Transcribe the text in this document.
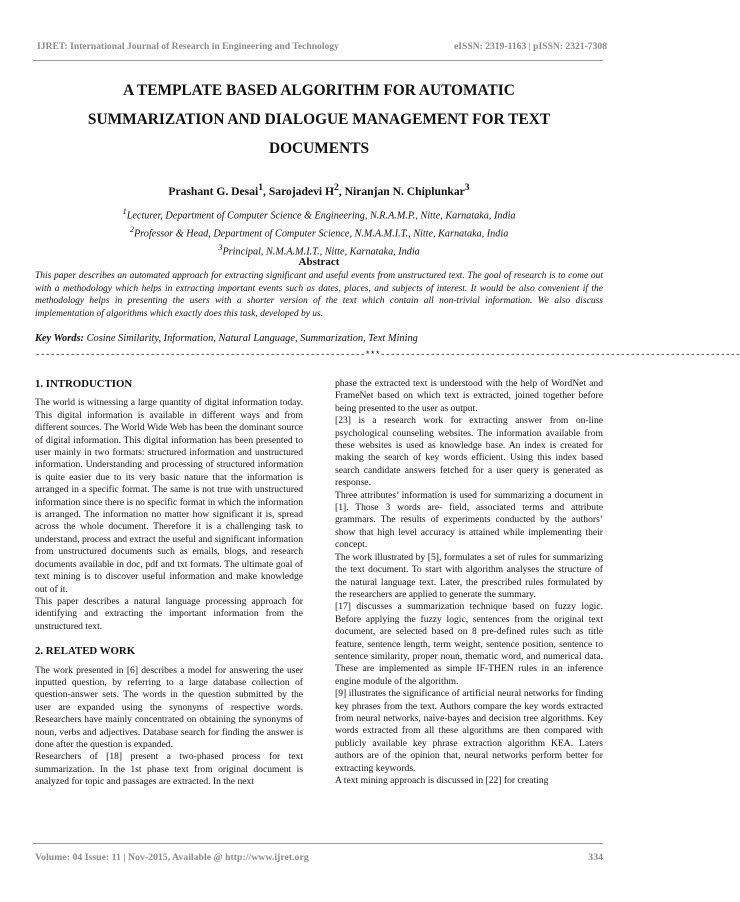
IJRET: International Journal of Research in Engineering and Technology	eISSN: 2319-1163 | pISSN: 2321-7308
A TEMPLATE BASED ALGORITHM FOR AUTOMATIC
SUMMARIZATION AND DIALOGUE MANAGEMENT FOR TEXT
DOCUMENTS
Prashant G. Desai$^1$, Sarojadevi $H^2$, Niranjan N. Chiplunkar$^3$
$^1$Lecturer, Department of Computer Science & Engineering, N.R.A.M.P., Nitte, Karnataka, India
$^2$Professor & Head, Department of Computer Science, N.M.A.M.I.T., Nitte, Karnataka, India
$^3$Principal, N.M.A.M.I.T., Nitte, Karnataka, India
Abstract
This paper describes an automated approach for extracting significant and useful events from unstructured text. The goal of research is to come out with a methodology which helps in extracting important events such as dates, places, and subjects of interest. It would be also convenient if the methodology helps in presenting the users with a shorter version of the text which contain all non-trivial information. We also discuss implementation of algorithms which exactly does this task, developed by us.
Key Words: Cosine Similarity, Information, Natural Language, Summarization, Text Mining
------------------------------------------------------------------***------------------------------------------------------------------------
1. INTRODUCTION

The world is witnessing a large quantity of digital information today. This digital information is available in different ways and from different sources. The World Wide Web has been the dominant source of digital information. This digital information has been presented to user mainly in two formats: structured information and unstructured information. Understanding and processing of structured information is quite easier due to its very basic nature that the information is arranged in a specific format. The same is not true with unstructured information since there is no specific format in which the information is arranged. The information no matter how significant it is, spread across the whole document. Therefore it is a challenging task to understand, process and extract the useful and significant information from unstructured documents such as emails, blogs, and research documents available in doc, pdf and txt formats. The ultimate goal of text mining is to discover useful information and make knowledge out of it.

This paper describes a natural language processing approach for identifying and extracting the important information from the unstructured text.

2. RELATED WORK

The work presented in [6] describes a model for answering the user inputted question, by referring to a large database collection of question-answer sets. The words in the question submitted by the user are expanded using the synonyms of respective words. Researchers have mainly concentrated on obtaining the synonyms of noun, verbs and adjectives. Database search for finding the answer is done after the question is expanded.

Researchers of [18] present a two-phased process for text summarization. In the 1st phase text from original document is analyzed for topic and passages are extracted. In the next

phase the extracted text is understood with the help of WordNet and FrameNet based on which text is extracted, joined together before being presented to the user as output.

[23] is a research work for extracting answer from on-line psychological counseling websites. The information available from these websites is used as knowledge base. An index is created for making the search of key words efficient. Using this index based search candidate answers fetched for a user query is generated as response.

Three attributes’ information is used for summarizing a document in [1]. Those 3 words are- field, associated terms and attribute grammars. The results of experiments conducted by the authors’ show that high level accuracy is attained while implementing their concept.

The work illustrated by [5], formulates a set of rules for summarizing the text document. To start with algorithm analyses the structure of the natural language text. Later, the prescribed rules formulated by the researchers are applied to generate the summary.

[17] discusses a summarization technique based on fuzzy logic. Before applying the fuzzy logic, sentences from the original text document, are selected based on 8 pre-defined rules such as title feature, sentence length, term weight, sentence position, sentence to sentence similarity, proper noun, thematic word, and numerical data. These are implemented as simple IF-THEN rules in an inference engine module of the algorithm.

[9] illustrates the significance of artificial neural networks for finding key phrases from the text. Authors compare the key words extracted from neural networks, naïve-bayes and decision tree algorithms. Key words extracted from all these algorithms are then compared with publicly available key phrase extraction algorithm KEA. Laters authors are of the opinion that, neural networks perform better for extracting keywords.

A text mining approach is discussed in [22] for creating

Volume: 04 Issue: 11 | Nov-2015, Available @ http://www.ijret.org	334
